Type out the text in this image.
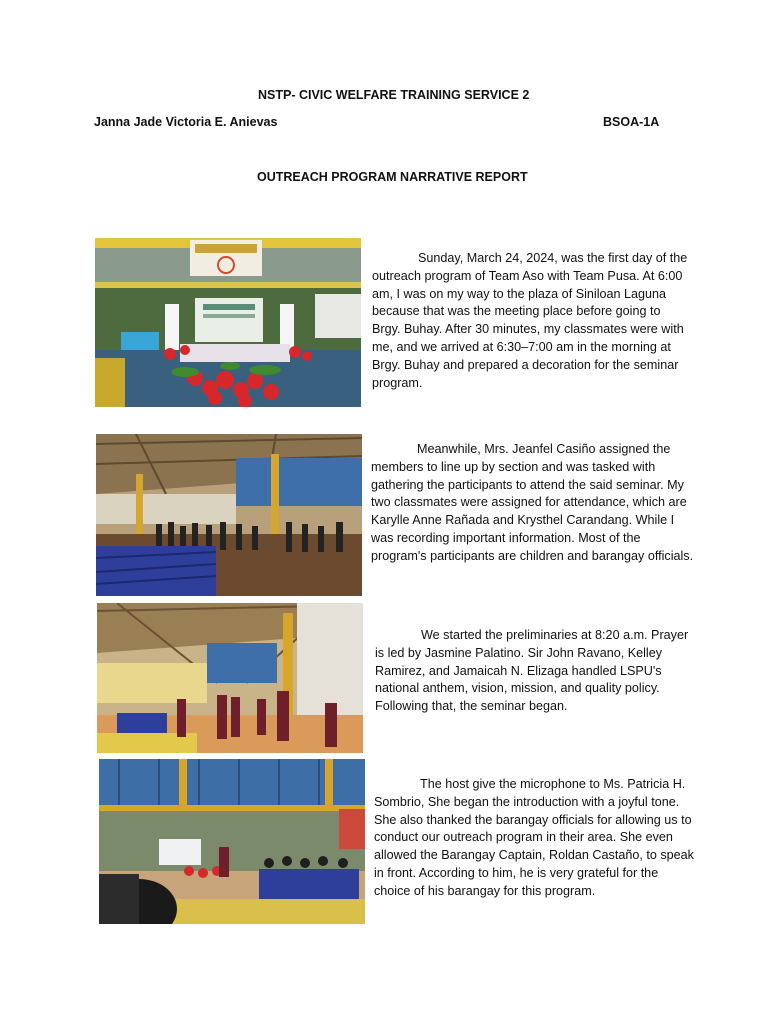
NSTP- CIVIC WELFARE TRAINING SERVICE 2
Janna Jade Victoria E. Anievas	BSOA-1A
OUTREACH PROGRAM NARRATIVE REPORT

Sunday, March 24, 2024, was the first day of the outreach program of Team Aso with Team Pusa. At 6:00 am, I was on my way to the plaza of Siniloan Laguna because that was the meeting place before going to Brgy. Buhay. After 30 minutes, my classmates were with me, and we arrived at 6:30–7:00 am in the morning at Brgy. Buhay and prepared a decoration for the seminar program.

Meanwhile, Mrs. Jeanfel Casiño assigned the members to line up by section and was tasked with gathering the participants to attend the said seminar. My two classmates were assigned for attendance, which are Karylle Anne Rañada and Krysthel Carandang. While I was recording important information. Most of the program's participants are children and barangay officials.

We started the preliminaries at 8:20 a.m. Prayer is led by Jasmine Palatino. Sir John Ravano, Kelley Ramirez, and Jamaicah N. Elizaga handled LSPU's national anthem, vision, mission, and quality policy. Following that, the seminar began.

The host give the microphone to Ms. Patricia H. Sombrio, She began the introduction with a joyful tone. She also thanked the barangay officials for allowing us to conduct our outreach program in their area. She even allowed the Barangay Captain, Roldan Castaño, to speak in front. According to him, he is very grateful for the choice of his barangay for this program.
